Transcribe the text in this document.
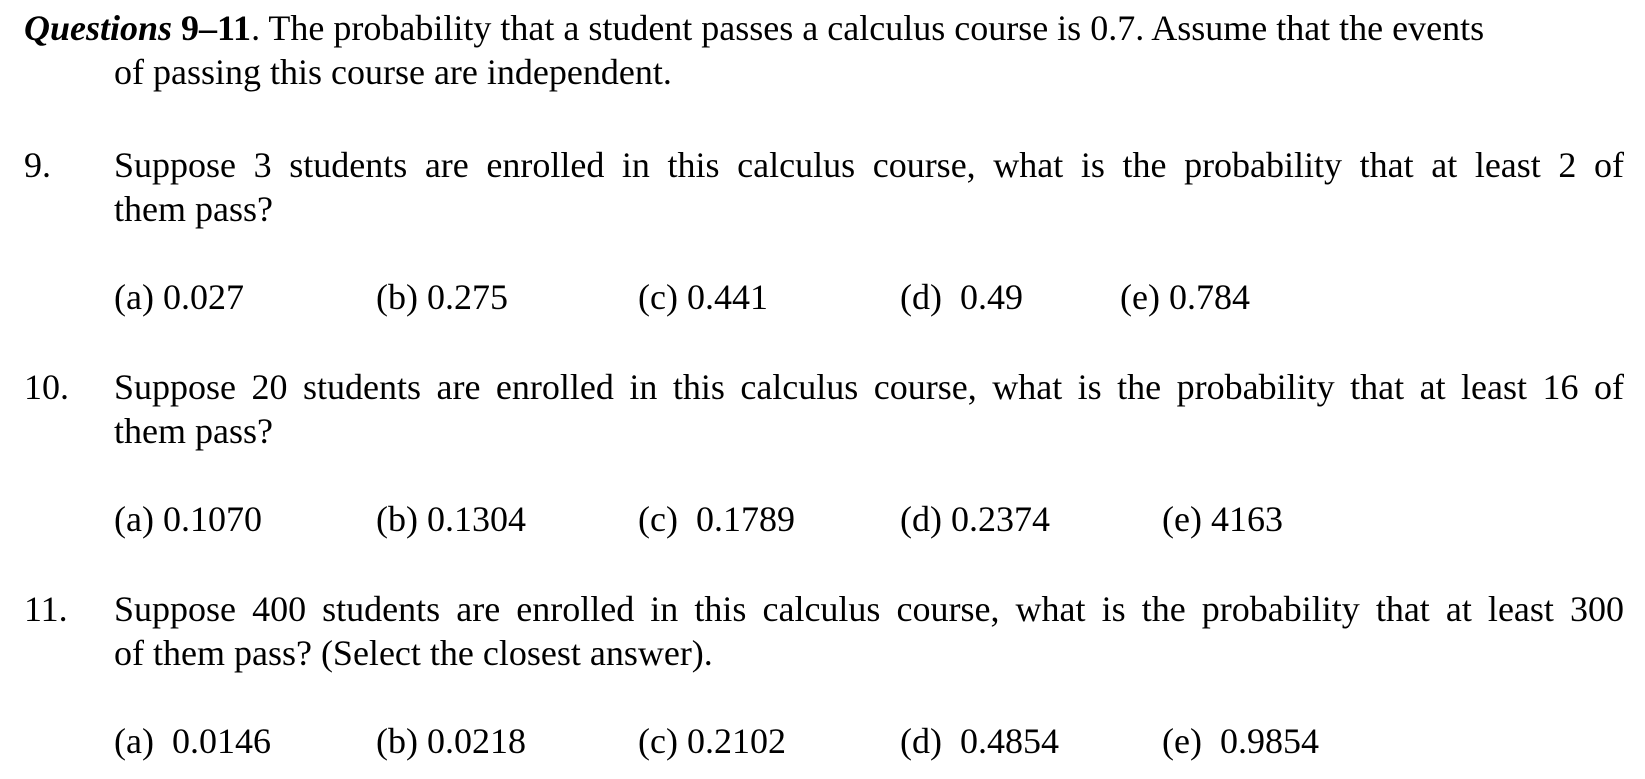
Questions 9–11. The probability that a student passes a calculus course is 0.7. Assume that the events
of passing this course are independent.
9. Suppose 3 students are enrolled in this calculus course, what is the probability that at least 2 of
them pass?
(a) 0.027	(b) 0.275	(c) 0.441	(d)  0.49	(e) 0.784
10. Suppose 20 students are enrolled in this calculus course, what is the probability that at least 16 of
them pass?
(a) 0.1070	(b) 0.1304	(c)  0.1789	(d) 0.2374	(e) 4163
11. Suppose 400 students are enrolled in this calculus course, what is the probability that at least 300
of them pass? (Select the closest answer).
(a)  0.0146	(b) 0.0218	(c) 0.2102	(d)  0.4854	(e)  0.9854
